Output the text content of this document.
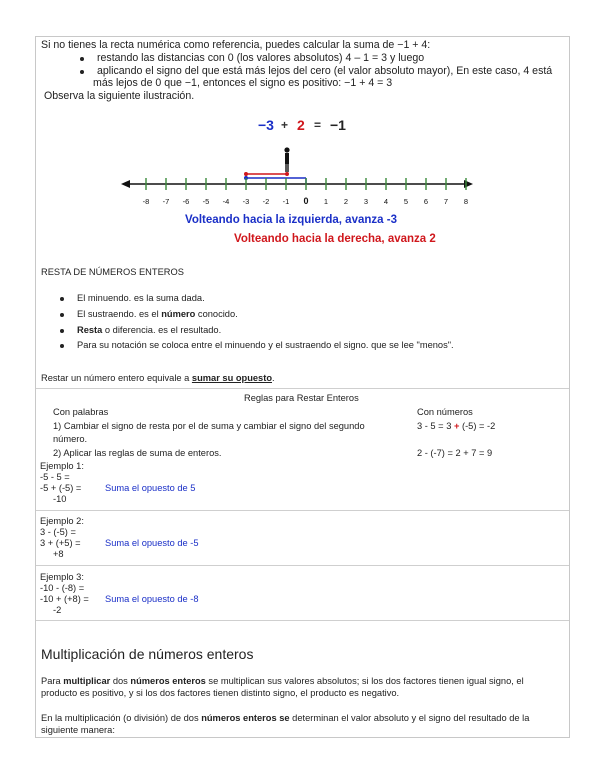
Si no tienes la recta numérica como referencia, puedes calcular la suma de −1 + 4:
restando las distancias con 0 (los valores absolutos) 4 – 1 = 3 y luego
aplicando el signo del que está más lejos del cero (el valor absoluto mayor), En este caso, 4 está
más lejos de 0 que −1, entonces el signo es positivo: −1 + 4 = 3
Observa la siguiente ilustración.
−3 + 2 = −1
-8 -7 -6 -5 -4 -3 -2 -1 0 1 2 3 4 5 6 7 8
Volteando hacia la izquierda, avanza -3
Volteando hacia la derecha, avanza 2
RESTA DE NÚMEROS ENTEROS
El minuendo. es la suma dada.
El sustraendo. es el número conocido.
Resta o diferencia. es el resultado.
Para su notación se coloca entre el minuendo y el sustraendo el signo. que se lee "menos".
Restar un número entero equivale a sumar su opuesto.
Reglas para Restar Enteros
Con palabras	Con números
1) Cambiar el signo de resta por el de suma y cambiar el signo del segundo
número.
3 - 5 = 3 + (-5) = -2
2) Aplicar las reglas de suma de enteros.	2 - (-7) = 2 + 7 = 9
Ejemplo 1:
-5 - 5 =
-5 + (-5) =	Suma el opuesto de 5
-10
Ejemplo 2:
3 - (-5) =
3 + (+5) =	Suma el opuesto de -5
+8
Ejemplo 3:
-10 - (-8) =
-10 + (+8) = Suma el opuesto de -8
-2
Multiplicación de números enteros
Para multiplicar dos números enteros se multiplican sus valores absolutos; si los dos factores tienen igual signo, el
producto es positivo, y si los dos factores tienen distinto signo, el producto es negativo.
En la multiplicación (o división) de dos números enteros se determinan el valor absoluto y el signo del resultado de la
siguiente manera:
